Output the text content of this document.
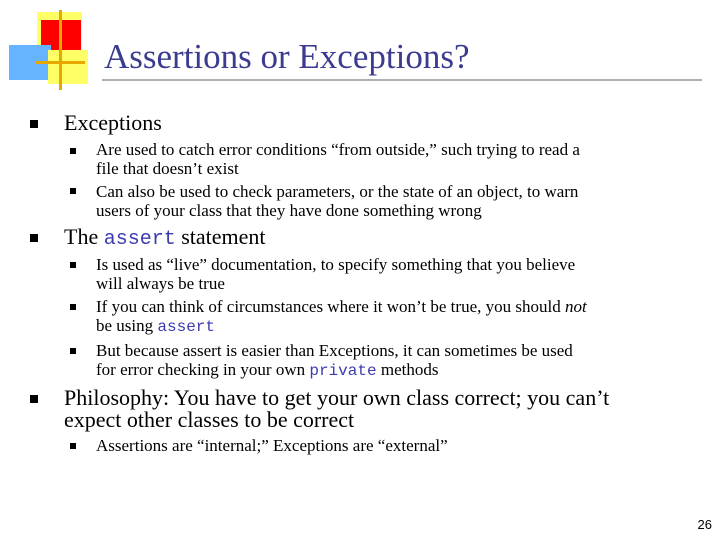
Assertions or Exceptions?
Exceptions
Are used to catch error conditions “from outside,” such trying to read a
file that doesn’t exist
Can also be used to check parameters, or the state of an object, to warn
users of your class that they have done something wrong
The assert statement
Is used as “live” documentation, to specify something that you believe
will always be true
If you can think of circumstances where it won’t be true, you should not
be using assert
But because assert is easier than Exceptions, it can sometimes be used
for error checking in your own private methods
Philosophy: You have to get your own class correct; you can’t
expect other classes to be correct
Assertions are “internal;” Exceptions are “external”
26
